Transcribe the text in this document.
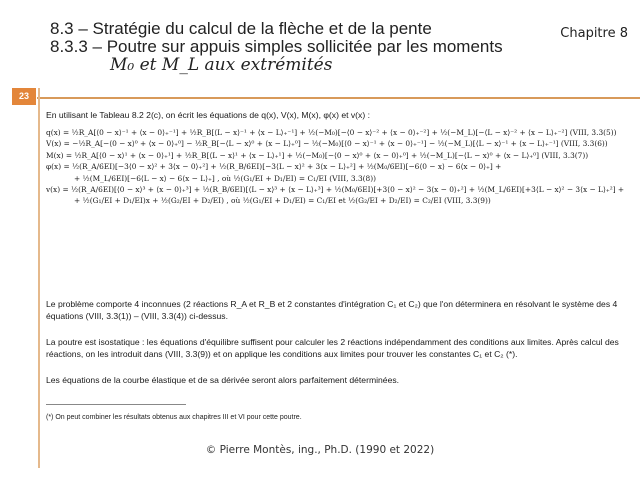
8.3 – Stratégie du calcul de la flèche et de la pente
8.3.3 – Poutre sur appuis simples sollicitée par les moments
M₀ et M_L aux extrémités
Chapitre 8
23

En utilisant le Tableau 8.2 2(c), on écrit les équations de q(x), V(x), M(x), φ(x) et v(x) :

q(x) = ½R_A[⟨0 − x⟩⁻¹ + ⟨x − 0⟩₊⁻¹] + ½R_B[⟨L − x⟩⁻¹ + ⟨x − L⟩₊⁻¹] + ½(−M₀)[−⟨0 − x⟩⁻² + ⟨x − 0⟩₊⁻²] + ½(−M_L)[−⟨L − x⟩⁻² + ⟨x − L⟩₊⁻²] (VIII, 3.3(5))
V(x) = −½R_A[−⟨0 − x⟩⁰ + ⟨x − 0⟩₊⁰] − ½R_B[−⟨L − x⟩⁰ + ⟨x − L⟩₊⁰] − ½(−M₀)[⟨0 − x⟩⁻¹ + ⟨x − 0⟩₊⁻¹] − ½(−M_L)[⟨L − x⟩⁻¹ + ⟨x − L⟩₊⁻¹] (VIII, 3.3(6))
M(x) = ½R_A[⟨0 − x⟩¹ + ⟨x − 0⟩₊¹] + ½R_B[⟨L − x⟩¹ + ⟨x − L⟩₊¹] + ½(−M₀)[−⟨0 − x⟩⁰ + ⟨x − 0⟩₊⁰] + ½(−M_L)[−⟨L − x⟩⁰ + ⟨x − L⟩₊⁰] (VIII, 3.3(7))
φ(x) = ½(R_A/6EI)[−3⟨0 − x⟩² + 3⟨x − 0⟩₊²] + ½(R_B/6EI)[−3⟨L − x⟩² + 3⟨x − L⟩₊²] + ½(M₀/6EI)[−6⟨0 − x⟩ − 6⟨x − 0⟩₊] +
+ ½(M_L/6EI)[−6⟨L − x⟩ − 6⟨x − L⟩₊] , où ½(G₁/EI + D₁/EI) = C₁/EI (VIII, 3.3(8))
v(x) = ½(R_A/6EI)[⟨0 − x⟩³ + ⟨x − 0⟩₊³] + ½(R_B/6EI)[⟨L − x⟩³ + ⟨x − L⟩₊³] + ½(M₀/6EI)[+3⟨0 − x⟩² − 3⟨x − 0⟩₊²] + ½(M_L/6EI)[+3⟨L − x⟩² − 3⟨x − L⟩₊²] +
+ ½(G₁/EI + D₁/EI)x + ½(G₂/EI + D₂/EI) , où ½(G₁/EI + D₁/EI) = C₁/EI et ½(G₂/EI + D₂/EI) = C₂/EI (VIII, 3.3(9))
Le problème comporte 4 inconnues (2 réactions R_A et R_B et 2 constantes d'intégration C₁ et C₂) que l'on déterminera en résolvant le système des 4 équations (VIII, 3.3(1)) – (VIII, 3.3(4)) ci-dessus.
La poutre est isostatique : les équations d'équilibre suffisent pour calculer les 2 réactions indépendamment des conditions aux limites. Après calcul des réactions, on les introduit dans (VIII, 3.3(9)) et on applique les conditions aux limites pour trouver les constantes C₁ et C₂ (*).
Les équations de la courbe élastique et de sa dérivée seront alors parfaitement déterminées.
(*) On peut combiner les résultats obtenus aux chapitres III et VI pour cette poutre.
© Pierre Montès, ing., Ph.D. (1990 et 2022)
